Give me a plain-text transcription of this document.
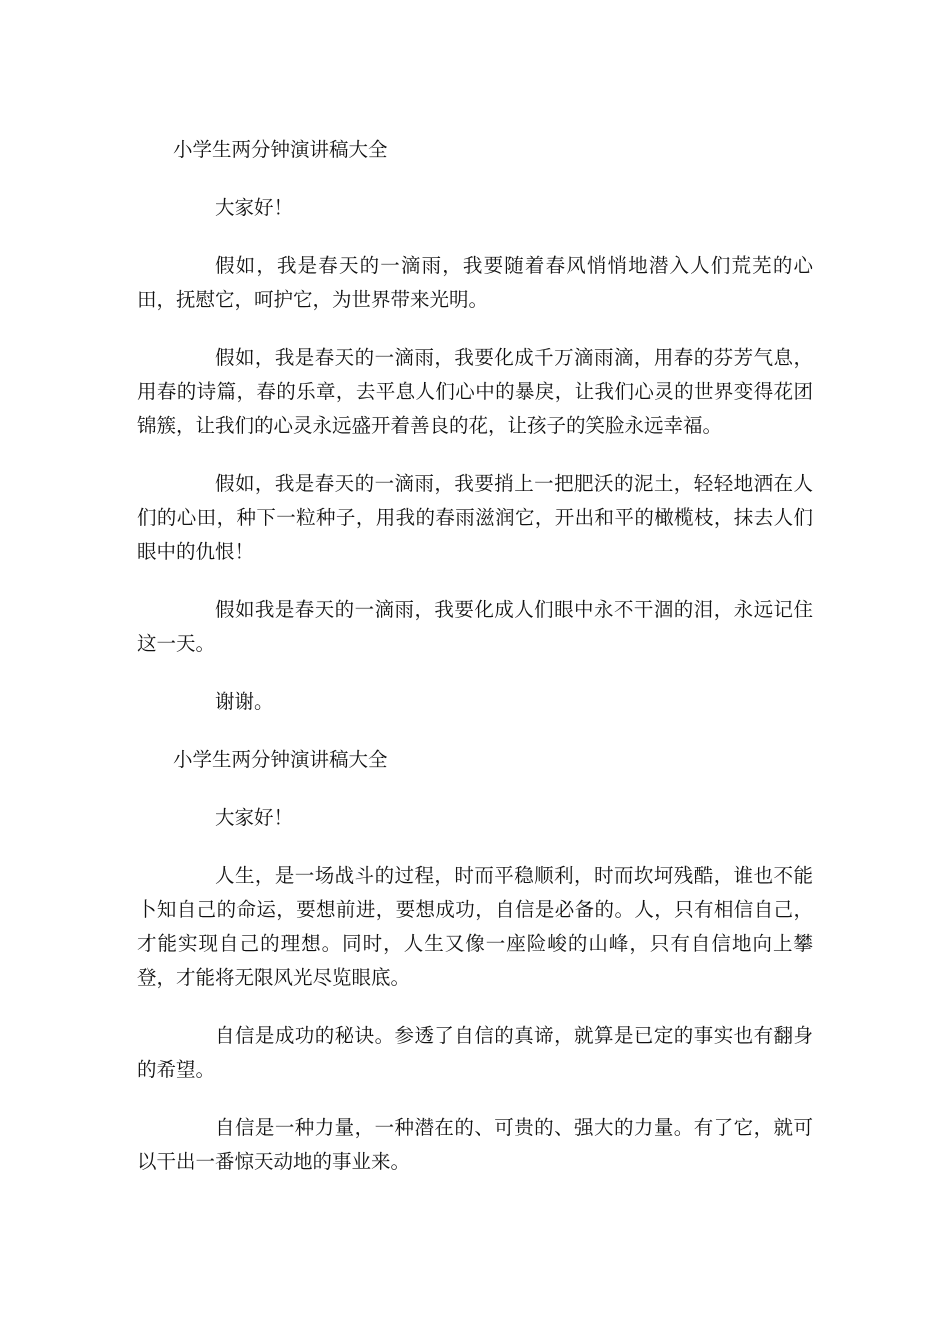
小学生两分钟演讲稿大全

大家好！

假如，我是春天的一滴雨，我要随着春风悄悄地潜入人们荒芜的心田，抚慰它，呵护它，为世界带来光明。

假如，我是春天的一滴雨，我要化成千万滴雨滴，用春的芬芳气息，用春的诗篇，春的乐章，去平息人们心中的暴戾，让我们心灵的世界变得花团锦簇，让我们的心灵永远盛开着善良的花，让孩子的笑脸永远幸福。

假如，我是春天的一滴雨，我要捎上一把肥沃的泥土，轻轻地洒在人们的心田，种下一粒种子，用我的春雨滋润它，开出和平的橄榄枝，抹去人们眼中的仇恨！

假如我是春天的一滴雨，我要化成人们眼中永不干涸的泪，永远记住这一天。

谢谢。

小学生两分钟演讲稿大全

大家好！

人生，是一场战斗的过程，时而平稳顺利，时而坎坷残酷，谁也不能卜知自己的命运，要想前进，要想成功，自信是必备的。人，只有相信自己，才能实现自己的理想。同时，人生又像一座险峻的山峰，只有自信地向上攀登，才能将无限风光尽览眼底。

自信是成功的秘诀。参透了自信的真谛，就算是已定的事实也有翻身的希望。

自信是一种力量，一种潜在的、可贵的、强大的力量。有了它，就可以干出一番惊天动地的事业来。
